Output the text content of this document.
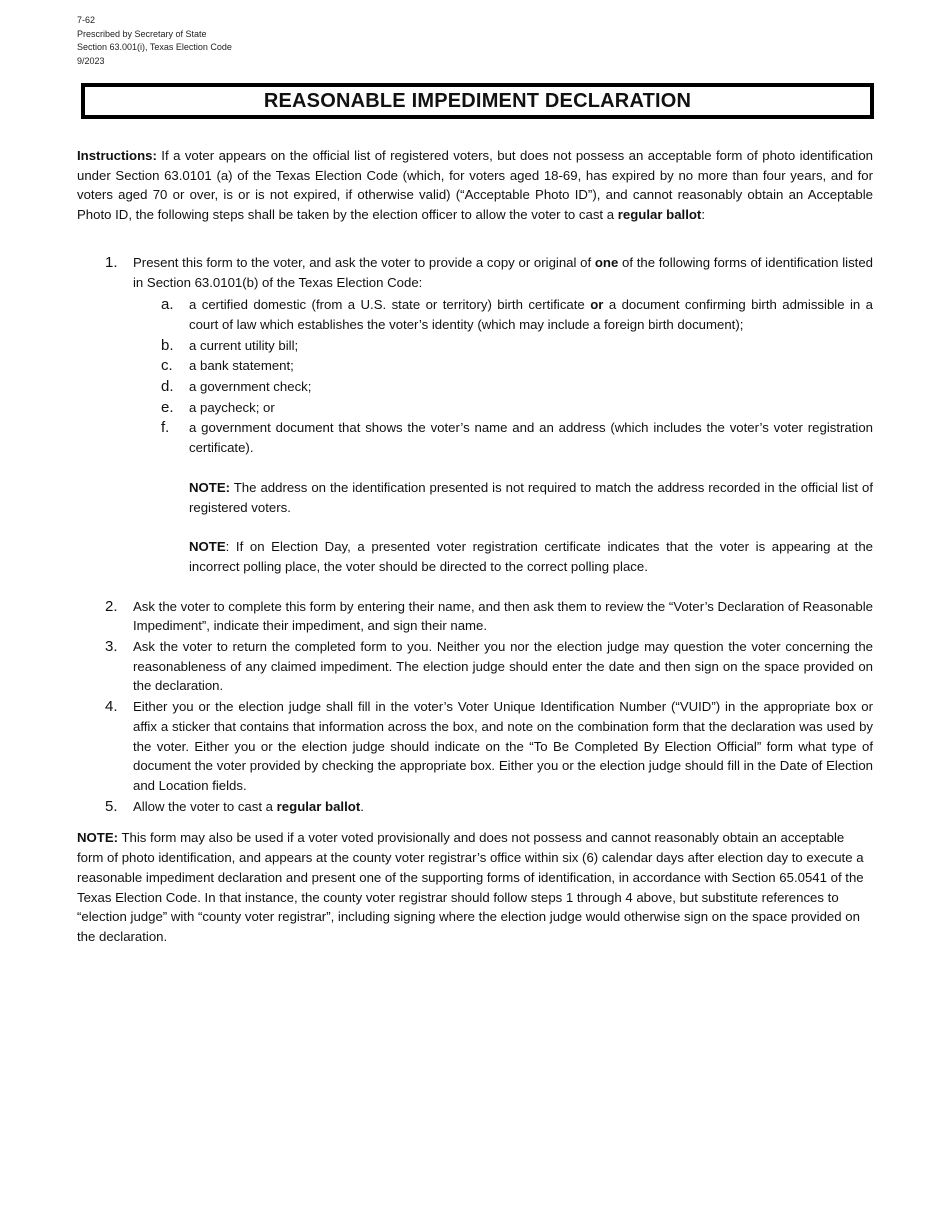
7-62
Prescribed by Secretary of State
Section 63.001(i), Texas Election Code
9/2023
REASONABLE IMPEDIMENT DECLARATION

Instructions: If a voter appears on the official list of registered voters, but does not possess an acceptable form of photo identification under Section 63.0101 (a) of the Texas Election Code (which, for voters aged 18-69, has expired by no more than four years, and for voters aged 70 or over, is or is not expired, if otherwise valid) (“Acceptable Photo ID”), and cannot reasonably obtain an Acceptable Photo ID, the following steps shall be taken by the election officer to allow the voter to cast a regular ballot:

1. Present this form to the voter, and ask the voter to provide a copy or original of one of the following forms of identification listed in Section 63.0101(b) of the Texas Election Code:
a. a certified domestic (from a U.S. state or territory) birth certificate or a document confirming birth admissible in a court of law which establishes the voter’s identity (which may include a foreign birth document);
b. a current utility bill;
c. a bank statement;
d. a government check;
e. a paycheck; or
f. a government document that shows the voter’s name and an address (which includes the voter’s voter registration certificate).
NOTE: The address on the identification presented is not required to match the address recorded in the official list of registered voters.
NOTE: If on Election Day, a presented voter registration certificate indicates that the voter is appearing at the incorrect polling place, the voter should be directed to the correct polling place.
2. Ask the voter to complete this form by entering their name, and then ask them to review the “Voter’s Declaration of Reasonable Impediment”, indicate their impediment, and sign their name.
3. Ask the voter to return the completed form to you. Neither you nor the election judge may question the voter concerning the reasonableness of any claimed impediment. The election judge should enter the date and then sign on the space provided on the declaration.
4. Either you or the election judge shall fill in the voter’s Voter Unique Identification Number (“VUID”) in the appropriate box or affix a sticker that contains that information across the box, and note on the combination form that the declaration was used by the voter. Either you or the election judge should indicate on the “To Be Completed By Election Official” form what type of document the voter provided by checking the appropriate box. Either you or the election judge should fill in the Date of Election and Location fields.
5. Allow the voter to cast a regular ballot.

NOTE: This form may also be used if a voter voted provisionally and does not possess and cannot reasonably obtain an acceptable form of photo identification, and appears at the county voter registrar’s office within six (6) calendar days after election day to execute a reasonable impediment declaration and present one of the supporting forms of identification, in accordance with Section 65.0541 of the Texas Election Code. In that instance, the county voter registrar should follow steps 1 through 4 above, but substitute references to “election judge” with “county voter registrar”, including signing where the election judge would otherwise sign on the space provided on the declaration.
